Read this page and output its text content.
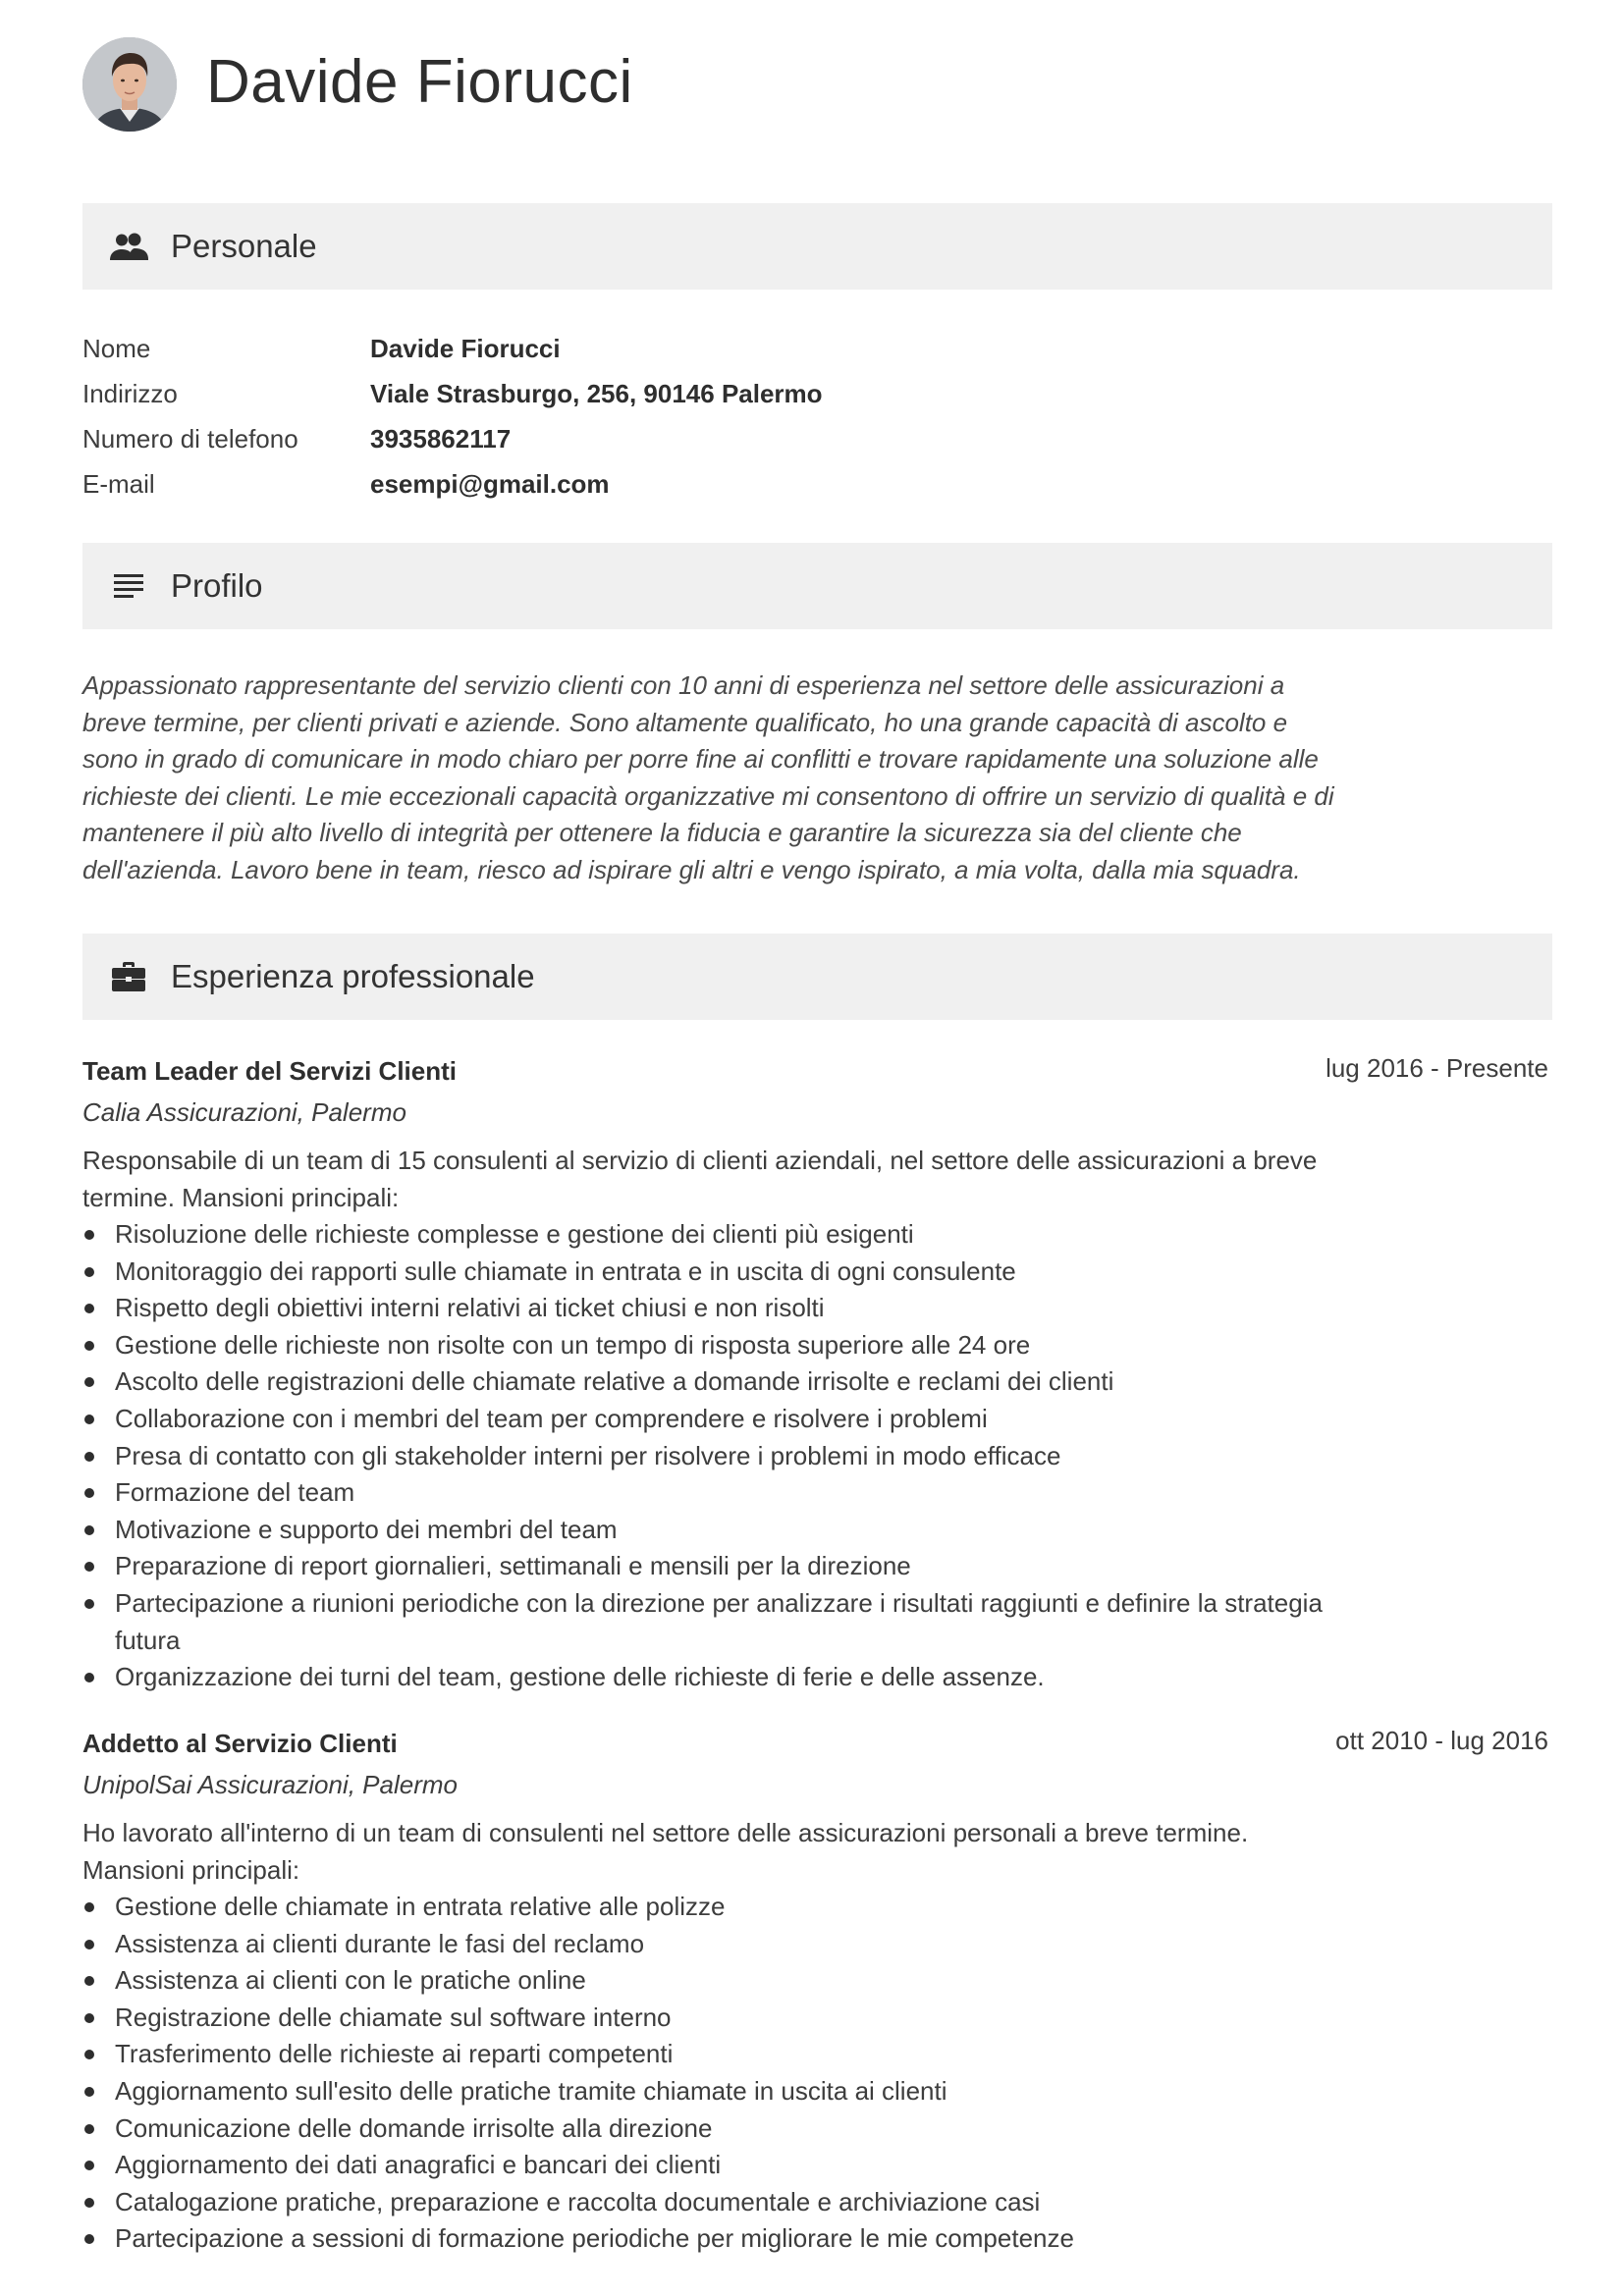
Davide Fiorucci
Personale
Nome	Davide Fiorucci
Indirizzo	Viale Strasburgo, 256, 90146 Palermo
Numero di telefono	3935862117
E-mail	esempi@gmail.com
Profilo

Appassionato rappresentante del servizio clienti con 10 anni di esperienza nel settore delle assicurazioni a
breve termine, per clienti privati e aziende. Sono altamente qualificato, ho una grande capacità di ascolto e
sono in grado di comunicare in modo chiaro per porre fine ai conflitti e trovare rapidamente una soluzione alle
richieste dei clienti. Le mie eccezionali capacità organizzative mi consentono di offrire un servizio di qualità e di
mantenere il più alto livello di integrità per ottenere la fiducia e garantire la sicurezza sia del cliente che
dell'azienda. Lavoro bene in team, riesco ad ispirare gli altri e vengo ispirato, a mia volta, dalla mia squadra.

Esperienza professionale
Team Leader del Servizi Clienti	lug 2016 - Presente
Calia Assicurazioni, Palermo

Responsabile di un team di 15 consulenti al servizio di clienti aziendali, nel settore delle assicurazioni a breve
termine. Mansioni principali:

Risoluzione delle richieste complesse e gestione dei clienti più esigenti
Monitoraggio dei rapporti sulle chiamate in entrata e in uscita di ogni consulente
Rispetto degli obiettivi interni relativi ai ticket chiusi e non risolti
Gestione delle richieste non risolte con un tempo di risposta superiore alle 24 ore
Ascolto delle registrazioni delle chiamate relative a domande irrisolte e reclami dei clienti
Collaborazione con i membri del team per comprendere e risolvere i problemi
Presa di contatto con gli stakeholder interni per risolvere i problemi in modo efficace
Formazione del team
Motivazione e supporto dei membri del team
Preparazione di report giornalieri, settimanali e mensili per la direzione
Partecipazione a riunioni periodiche con la direzione per analizzare i risultati raggiunti e definire la strategia futura
Organizzazione dei turni del team, gestione delle richieste di ferie e delle assenze.
Addetto al Servizio Clienti	ott 2010 - lug 2016
UnipolSai Assicurazioni, Palermo

Ho lavorato all'interno di un team di consulenti nel settore delle assicurazioni personali a breve termine.
Mansioni principali:

Gestione delle chiamate in entrata relative alle polizze
Assistenza ai clienti durante le fasi del reclamo
Assistenza ai clienti con le pratiche online
Registrazione delle chiamate sul software interno
Trasferimento delle richieste ai reparti competenti
Aggiornamento sull'esito delle pratiche tramite chiamate in uscita ai clienti
Comunicazione delle domande irrisolte alla direzione
Aggiornamento dei dati anagrafici e bancari dei clienti
Catalogazione pratiche, preparazione e raccolta documentale e archiviazione casi
Partecipazione a sessioni di formazione periodiche per migliorare le mie competenze
